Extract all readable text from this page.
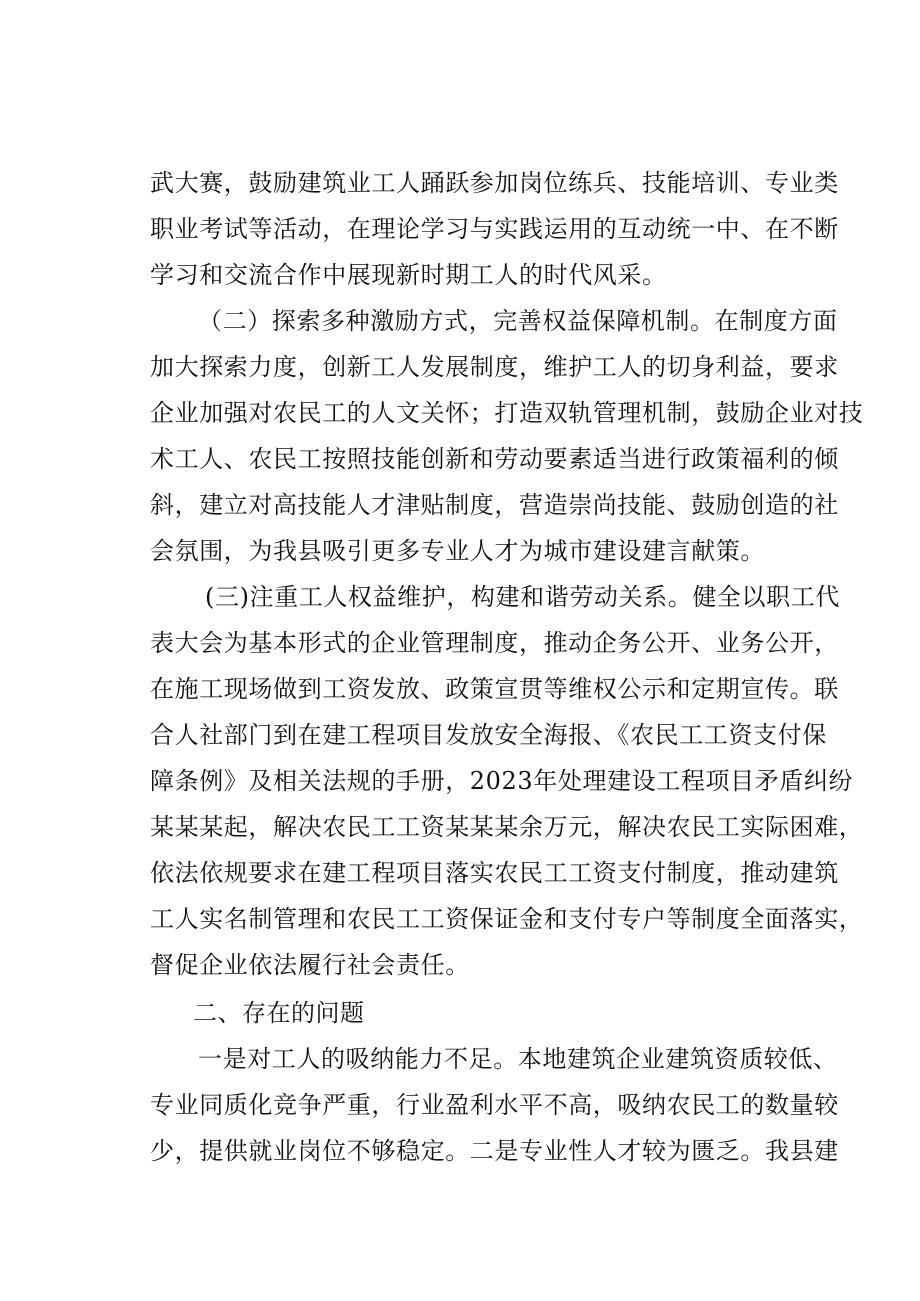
武大赛，鼓励建筑业工人踊跃参加岗位练兵、技能培训、专业类
职业考试等活动，在理论学习与实践运用的互动统一中、在不断
学习和交流合作中展现新时期工人的时代风采。
（二）探索多种激励方式，完善权益保障机制。在制度方面
加大探索力度，创新工人发展制度，维护工人的切身利益，要求
企业加强对农民工的人文关怀；打造双轨管理机制，鼓励企业对技
术工人、农民工按照技能创新和劳动要素适当进行政策福利的倾
斜，建立对高技能人才津贴制度，营造崇尚技能、鼓励创造的社
会氛围，为我县吸引更多专业人才为城市建设建言献策。
(三)注重工人权益维护，构建和谐劳动关系。健全以职工代
表大会为基本形式的企业管理制度，推动企务公开、业务公开，
在施工现场做到工资发放、政策宣贯等维权公示和定期宣传。联
合人社部门到在建工程项目发放安全海报、《农民工工资支付保
障条例》及相关法规的手册，2023年处理建设工程项目矛盾纠纷
某某某起，解决农民工工资某某某余万元，解决农民工实际困难，
依法依规要求在建工程项目落实农民工工资支付制度，推动建筑
工人实名制管理和农民工工资保证金和支付专户等制度全面落实，
督促企业依法履行社会责任。
二、存在的问题
一是对工人的吸纳能力不足。本地建筑企业建筑资质较低、
专业同质化竞争严重，行业盈利水平不高，吸纳农民工的数量较
少，提供就业岗位不够稳定。二是专业性人才较为匮乏。我县建
